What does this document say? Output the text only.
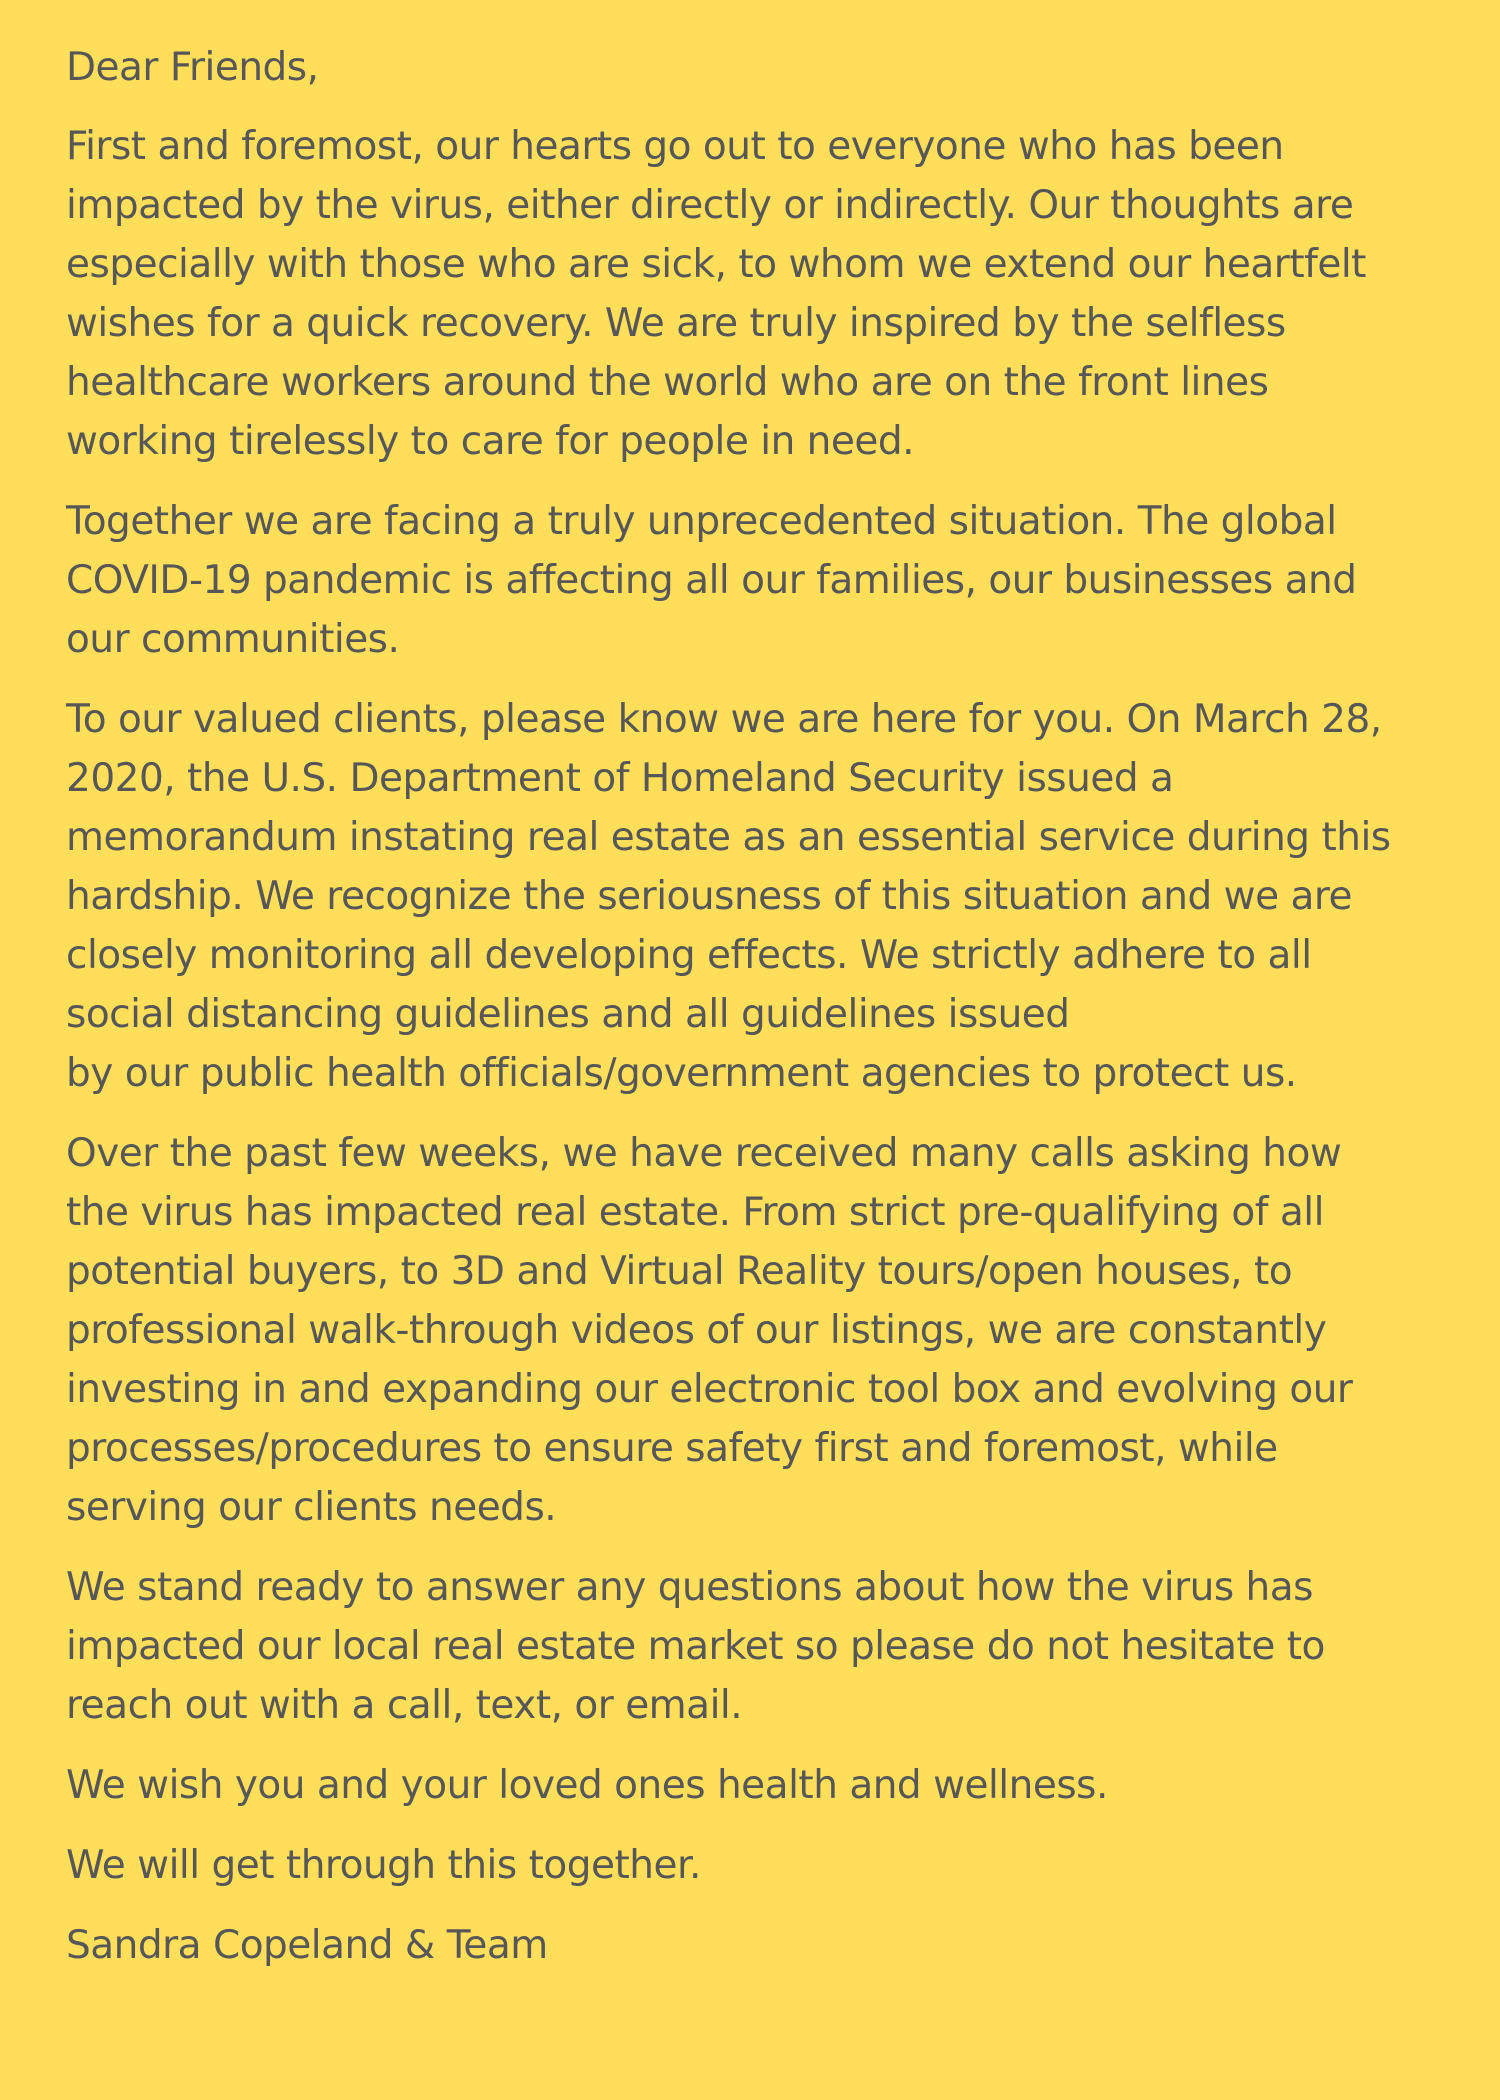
Dear Friends,

First and foremost, our hearts go out to everyone who has been
impacted by the virus, either directly or indirectly. Our thoughts are
especially with those who are sick, to whom we extend our heartfelt
wishes for a quick recovery. We are truly inspired by the selfless
healthcare workers around the world who are on the front lines
working tirelessly to care for people in need.

Together we are facing a truly unprecedented situation. The global
COVID-19 pandemic is affecting all our families, our businesses and
our communities.

To our valued clients, please know we are here for you. On March 28,
2020, the U.S. Department of Homeland Security issued a
memorandum instating real estate as an essential service during this
hardship. We recognize the seriousness of this situation and we are
closely monitoring all developing effects. We strictly adhere to all
social distancing guidelines and all guidelines issued
by our public health officials/government agencies to protect us.

Over the past few weeks, we have received many calls asking how
the virus has impacted real estate. From strict pre-qualifying of all
potential buyers, to 3D and Virtual Reality tours/open houses, to
professional walk-through videos of our listings, we are constantly
investing in and expanding our electronic tool box and evolving our
processes/procedures to ensure safety first and foremost, while
serving our clients needs.

We stand ready to answer any questions about how the virus has
impacted our local real estate market so please do not hesitate to
reach out with a call, text, or email.

We wish you and your loved ones health and wellness.

We will get through this together.

Sandra Copeland & Team
